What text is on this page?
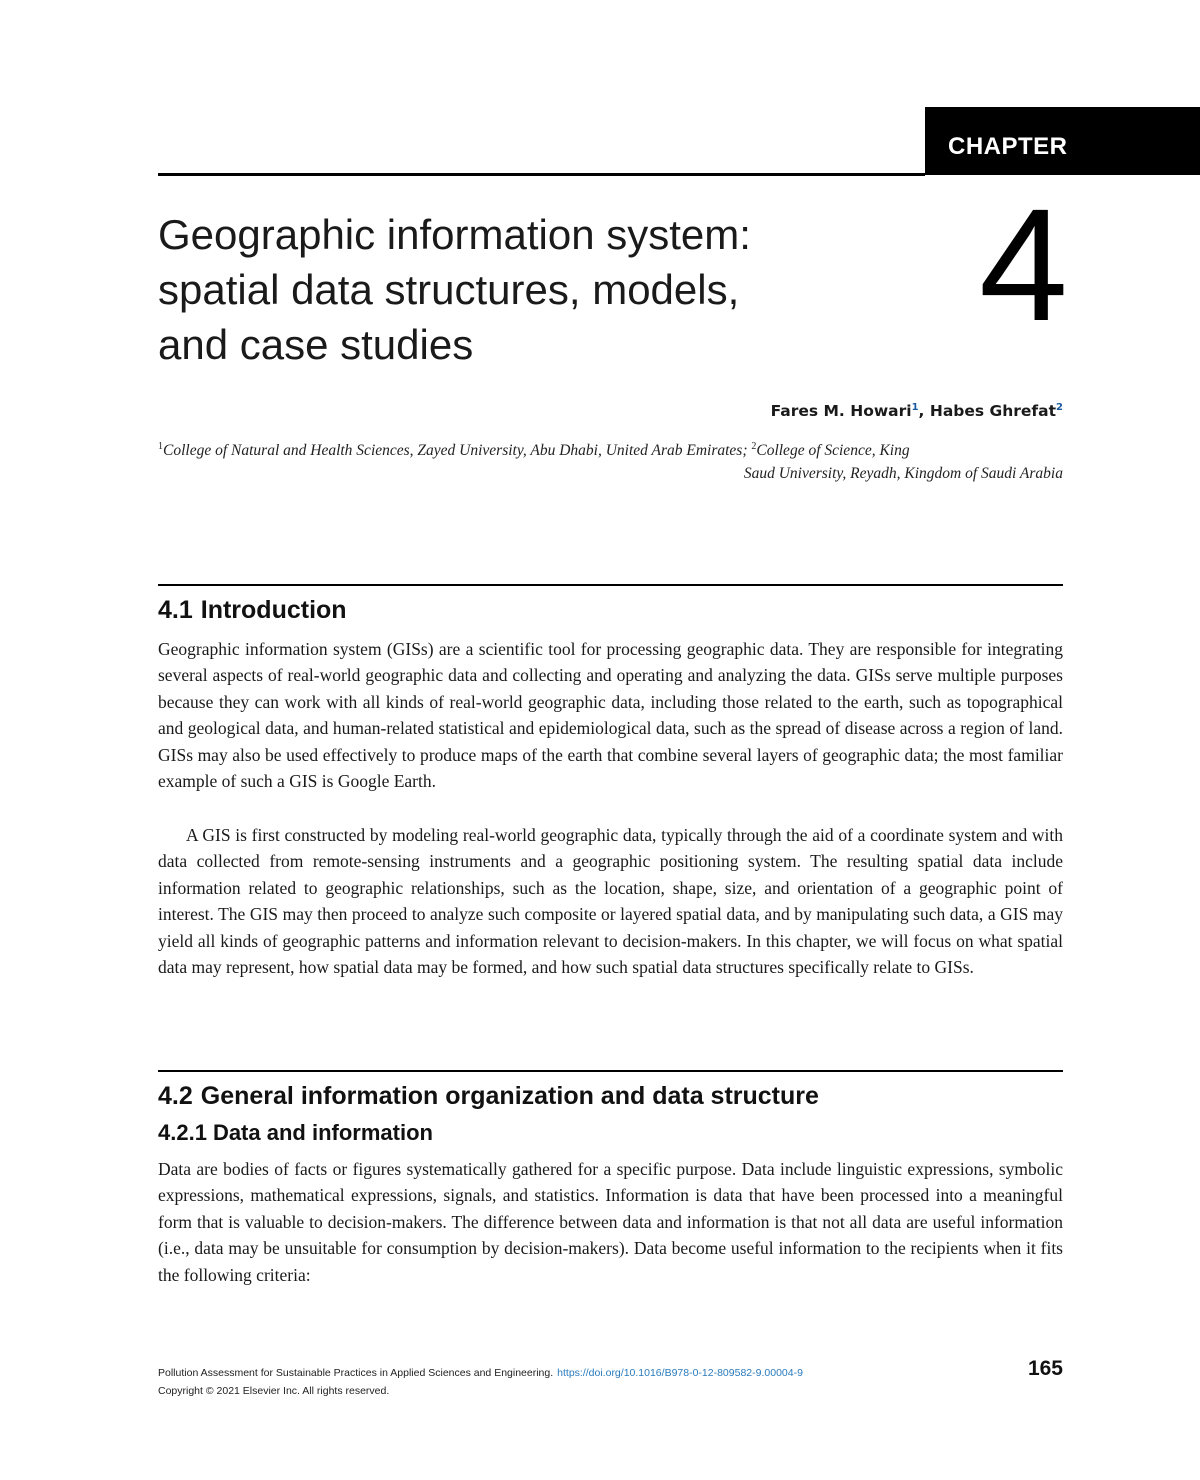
CHAPTER
Geographic information system:
spatial data structures, models,
and case studies	4
Fares M. Howari$^1$, Habes Ghrefat$^2$
$^1$College of Natural and Health Sciences, Zayed University, Abu Dhabi, United Arab Emirates; $^2$College of Science, King
Saud University, Reyadh, Kingdom of Saudi Arabia
4.1 Introduction

Geographic information system (GISs) are a scientific tool for processing geographic data. They are responsible for integrating several aspects of real-world geographic data and collecting and operating and analyzing the data. GISs serve multiple purposes because they can work with all kinds of real-world geographic data, including those related to the earth, such as topographical and geological data, and human-related statistical and epidemiological data, such as the spread of disease across a region of land. GISs may also be used effectively to produce maps of the earth that combine several layers of geographic data; the most familiar example of such a GIS is Google Earth.

A GIS is first constructed by modeling real-world geographic data, typically through the aid of a coordinate system and with data collected from remote-sensing instruments and a geographic positioning system. The resulting spatial data include information related to geographic relationships, such as the location, shape, size, and orientation of a geographic point of interest. The GIS may then proceed to analyze such composite or layered spatial data, and by manipulating such data, a GIS may yield all kinds of geographic patterns and information relevant to decision-makers. In this chapter, we will focus on what spatial data may represent, how spatial data may be formed, and how such spatial data structures specifically relate to GISs.

4.2 General information organization and data structure
4.2.1 Data and information

Data are bodies of facts or figures systematically gathered for a specific purpose. Data include linguistic expressions, symbolic expressions, mathematical expressions, signals, and statistics. Information is data that have been processed into a meaningful form that is valuable to decision-makers. The difference between data and information is that not all data are useful information (i.e., data may be unsuitable for consumption by decision-makers). Data become useful information to the recipients when it fits the following criteria:

Pollution Assessment for Sustainable Practices in Applied Sciences and Engineering. https://doi.org/10.1016/B978-0-12-809582-9.00004-9
Copyright © 2021 Elsevier Inc. All rights reserved.
165
